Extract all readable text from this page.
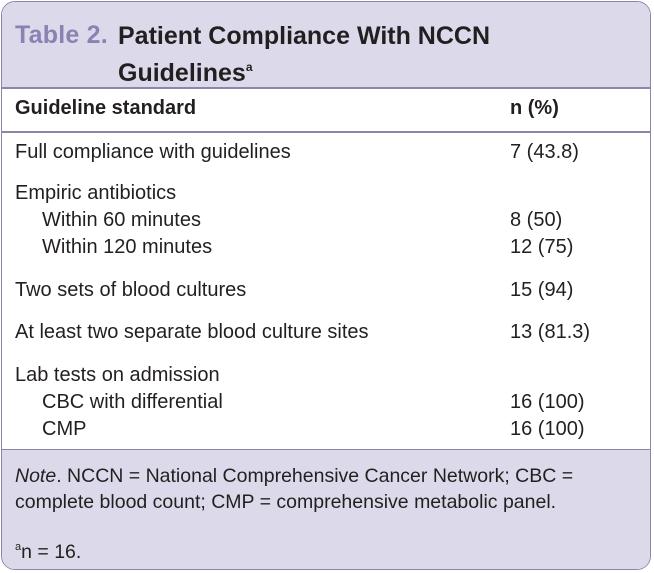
Table 2. Patient Compliance With NCCN Guidelines$^a$
Guideline standard	n (%)
Full compliance with guidelines	7 (43.8)
Empiric antibiotics
Within 60 minutes	8 (50)
Within 120 minutes	12 (75)
Two sets of blood cultures	15 (94)
At least two separate blood culture sites	13 (81.3)
Lab tests on admission
CBC with differential	16 (100)
CMP	16 (100)
Note. NCCN = National Comprehensive Cancer Network; CBC = complete blood count; CMP = comprehensive metabolic panel.
$^a$n = 16.
